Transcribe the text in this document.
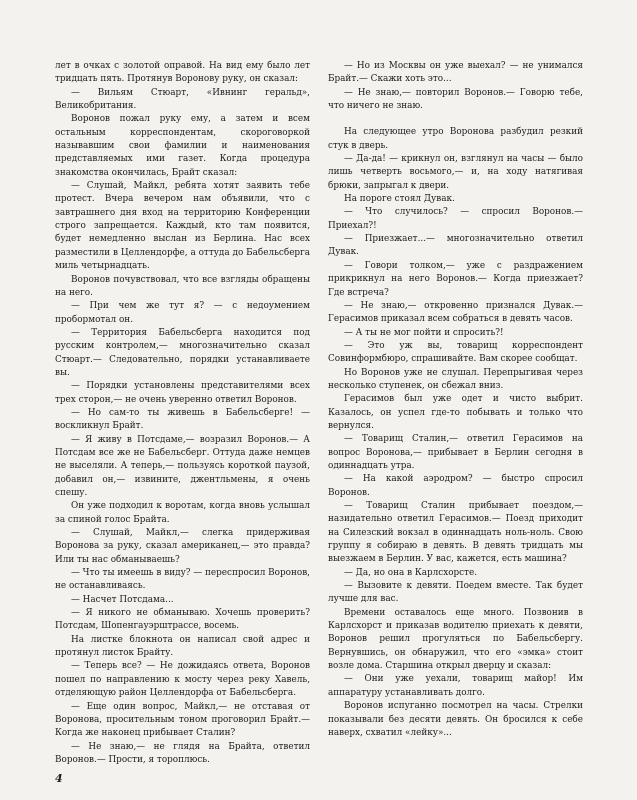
лет в очках с золотой оправой. На вид ему было лет тридцать пять. Протянув Воронову руку, он сказал:

— Вильям Стюарт, «Ивнинг геральд», Великобритания.

Воронов пожал руку ему, а затем и всем остальным корреспондентам, скороговоркой называвшим свои фамилии и наименования представляемых ими газет. Когда процедура знакомства окончилась, Брайт сказал:

— Слушай, Майкл, ребята хотят заявить тебе протест. Вчера вечером нам объявили, что с завтрашнего дня вход на территорию Конференции строго запрещается. Каждый, кто там появится, будет немедленно выслан из Берлина. Нас всех разместили в Целлендорфе, а оттуда до Бабельсберга миль четырнадцать.

Воронов почувствовал, что все взгляды обращены на него.

— При чем же тут я? — с недоумением пробормотал он.

— Территория Бабельсберга находится под русским контролем,— многозначительно сказал Стюарт.— Следовательно, порядки устанавливаете вы.

— Порядки установлены представителями всех трех сторон,— не очень уверенно ответил Воронов.

— Но сам-то ты живешь в Бабельсберге! — воскликнул Брайт.

— Я живу в Потсдаме,— возразил Воронов.— А Потсдам все же не Бабельсберг. Оттуда даже немцев не выселяли. А теперь,— пользуясь короткой паузой, добавил он,— извините, джентльмены, я очень спешу.

Он уже подходил к воротам, когда вновь услышал за спиной голос Брайта.

— Слушай, Майкл,— слегка придерживая Воронова за руку, сказал американец,— это правда? Или ты нас обманываешь?

— Что ты имеешь в виду? — переспросил Воронов, не останавливаясь.

— Насчет Потсдама...

— Я никого не обманываю. Хочешь проверить? Потсдам, Шопенгауэрштрассе, восемь.

На листке блокнота он написал свой адрес и протянул листок Брайту.

— Теперь все? — Не дожидаясь ответа, Воронов пошел по направлению к мосту через реку Хавель, отделяющую район Целлендорфа от Бабельсберга.

— Еще один вопрос, Майкл,— не отставая от Воронова, просительным тоном проговорил Брайт.— Когда же наконец прибывает Сталин?

— Не знаю,— не глядя на Брайта, ответил Воронов.— Прости, я тороплюсь.

— Но из Москвы он уже выехал? — не унимался Брайт.— Скажи хоть это...

— Не знаю,— повторил Воронов.— Говорю тебе, что ничего не знаю.

На следующее утро Воронова разбудил резкий стук в дверь.

— Да-да! — крикнул он, взглянул на часы — было лишь четверть восьмого,— и, на ходу натягивая брюки, запрыгал к двери.

На пороге стоял Дувак.

— Что случилось? — спросил Воронов.— Приехал?!

— Приезжает...— многозначительно ответил Дувак.

— Говори толком,— уже с раздражением прикрикнул на него Воронов.— Когда приезжает? Где встреча?

— Не знаю,— откровенно признался Дувак.— Герасимов приказал всем собраться в девять часов.

— А ты не мог пойти и спросить?!

— Это уж вы, товарищ корреспондент Совинформбюро, спрашивайте. Вам скорее сообщат.

Но Воронов уже не слушал. Перепрыгивая через несколько ступенек, он сбежал вниз.

Герасимов был уже одет и чисто выбрит. Казалось, он успел где-то побывать и только что вернулся.

— Товарищ Сталин,— ответил Герасимов на вопрос Воронова,— прибывает в Берлин сегодня в одиннадцать утра.

— На какой аэродром? — быстро спросил Воронов.

— Товарищ Сталин прибывает поездом,— назидательно ответил Герасимов.— Поезд приходит на Силезский вокзал в одиннадцать ноль-ноль. Свою группу я собираю в девять. В девять тридцать мы выезжаем в Берлин. У вас, кажется, есть машина?

— Да, но она в Карлсхорсте.

— Вызовите к девяти. Поедем вместе. Так будет лучше для вас.

Времени оставалось еще много. Позвонив в Карлсхорст и приказав водителю приехать к девяти, Воронов решил прогуляться по Бабельсбергу. Вернувшись, он обнаружил, что его «эмка» стоит возле дома. Старшина открыл дверцу и сказал:

— Они уже уехали, товарищ майор! Им аппаратуру устанавливать долго.

Воронов испуганно посмотрел на часы. Стрелки показывали без десяти девять. Он бросился к себе наверх, схватил «лейку»...

4
